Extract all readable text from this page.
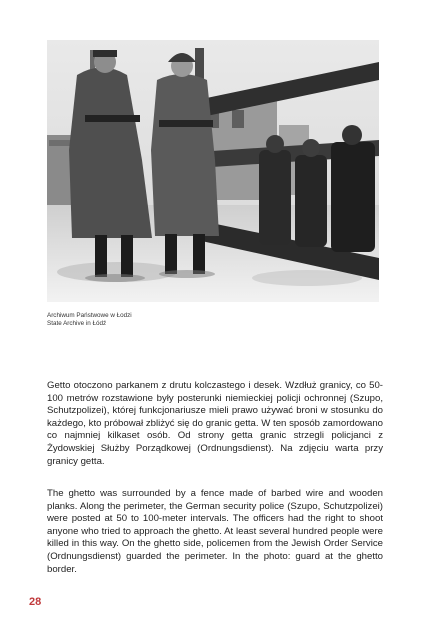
Archiwum Państwowe w Łodzi
State Archive in Łódź

Getto otoczono parkanem z drutu kolczastego i desek. Wzdłuż granicy, co 50-100 metrów rozstawione były posterunki niemieckiej policji ochronnej (Szupo, Schutzpolizei), której funkcjonariusze mieli prawo używać broni w stosunku do każdego, kto próbował zbliżyć się do granic getta. W ten sposób zamordowano co najmniej kilkaset osób. Od strony getta granic strzegli policjanci z Żydowskiej Służby Porządkowej (Ordnungsdienst). Na zdjęciu warta przy granicy getta.

The ghetto was surrounded by a fence made of barbed wire and wooden planks. Along the perimeter, the German security police (Szupo, Schutzpolizei) were posted at 50 to 100-meter intervals. The officers had the right to shoot anyone who tried to approach the ghetto. At least several hundred people were killed in this way. On the ghetto side, policemen from the Jewish Order Service (Ordnungsdienst) guarded the perimeter. In the photo: guard at the ghetto border.

28
